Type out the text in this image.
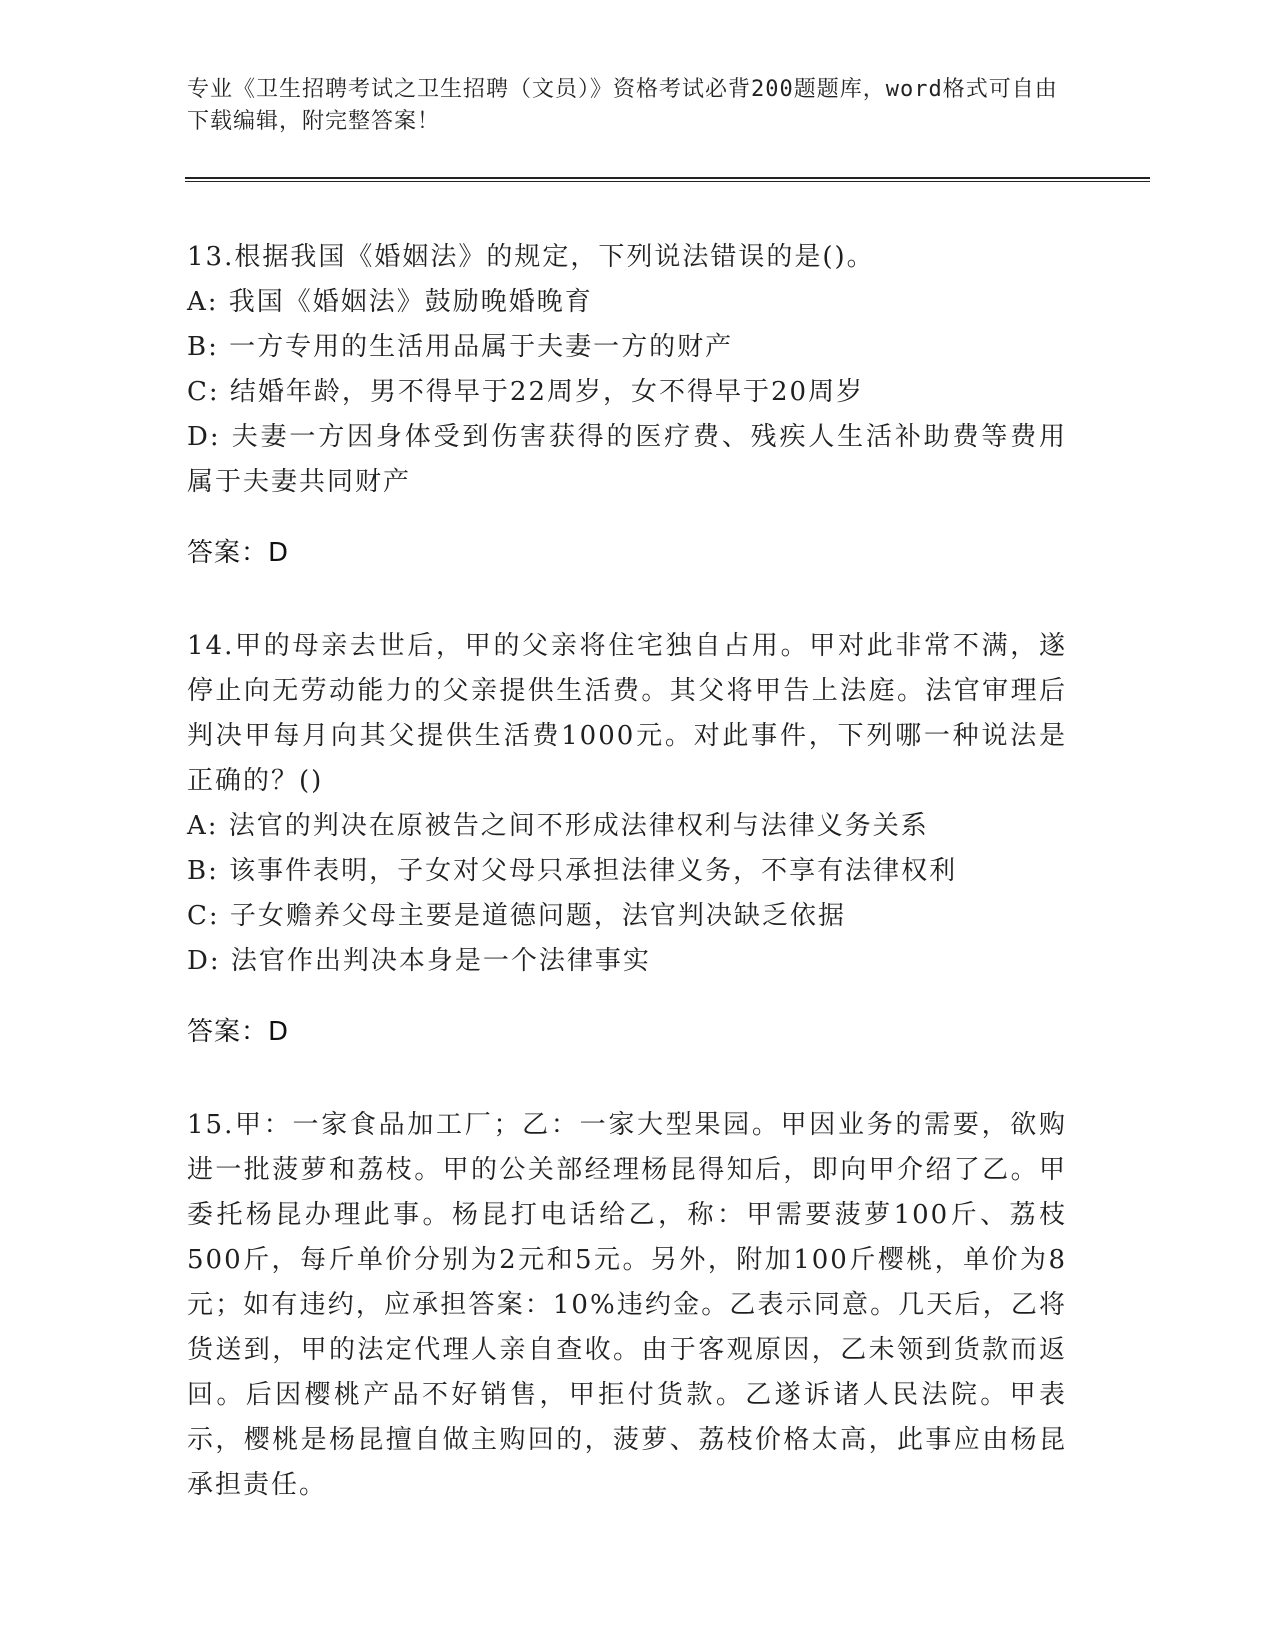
专业《卫生招聘考试之卫生招聘（文员）》资格考试必背200题题库，word格式可自由下载编辑，附完整答案！

13.根据我国《婚姻法》的规定，下列说法错误的是()。

A: 我国《婚姻法》鼓励晚婚晚育

B: 一方专用的生活用品属于夫妻一方的财产

C: 结婚年龄，男不得早于22周岁，女不得早于20周岁

D: 夫妻一方因身体受到伤害获得的医疗费、残疾人生活补助费等费用属于夫妻共同财产

答案：D

14.甲的母亲去世后，甲的父亲将住宅独自占用。甲对此非常不满，遂停止向无劳动能力的父亲提供生活费。其父将甲告上法庭。法官审理后判决甲每月向其父提供生活费1000元。对此事件，下列哪一种说法是正确的？()

A: 法官的判决在原被告之间不形成法律权利与法律义务关系

B: 该事件表明，子女对父母只承担法律义务，不享有法律权利

C: 子女赡养父母主要是道德问题，法官判决缺乏依据

D: 法官作出判决本身是一个法律事实

答案：D

15.甲：一家食品加工厂；乙：一家大型果园。甲因业务的需要，欲购进一批菠萝和荔枝。甲的公关部经理杨昆得知后，即向甲介绍了乙。甲委托杨昆办理此事。杨昆打电话给乙，称：甲需要菠萝100斤、荔枝500斤，每斤单价分别为2元和5元。另外，附加100斤樱桃，单价为8元；如有违约，应承担答案：10%违约金。乙表示同意。几天后，乙将货送到，甲的法定代理人亲自查收。由于客观原因，乙未领到货款而返回。后因樱桃产品不好销售，甲拒付货款。乙遂诉诸人民法院。甲表示，樱桃是杨昆擅自做主购回的，菠萝、荔枝价格太高，此事应由杨昆承担责任。
